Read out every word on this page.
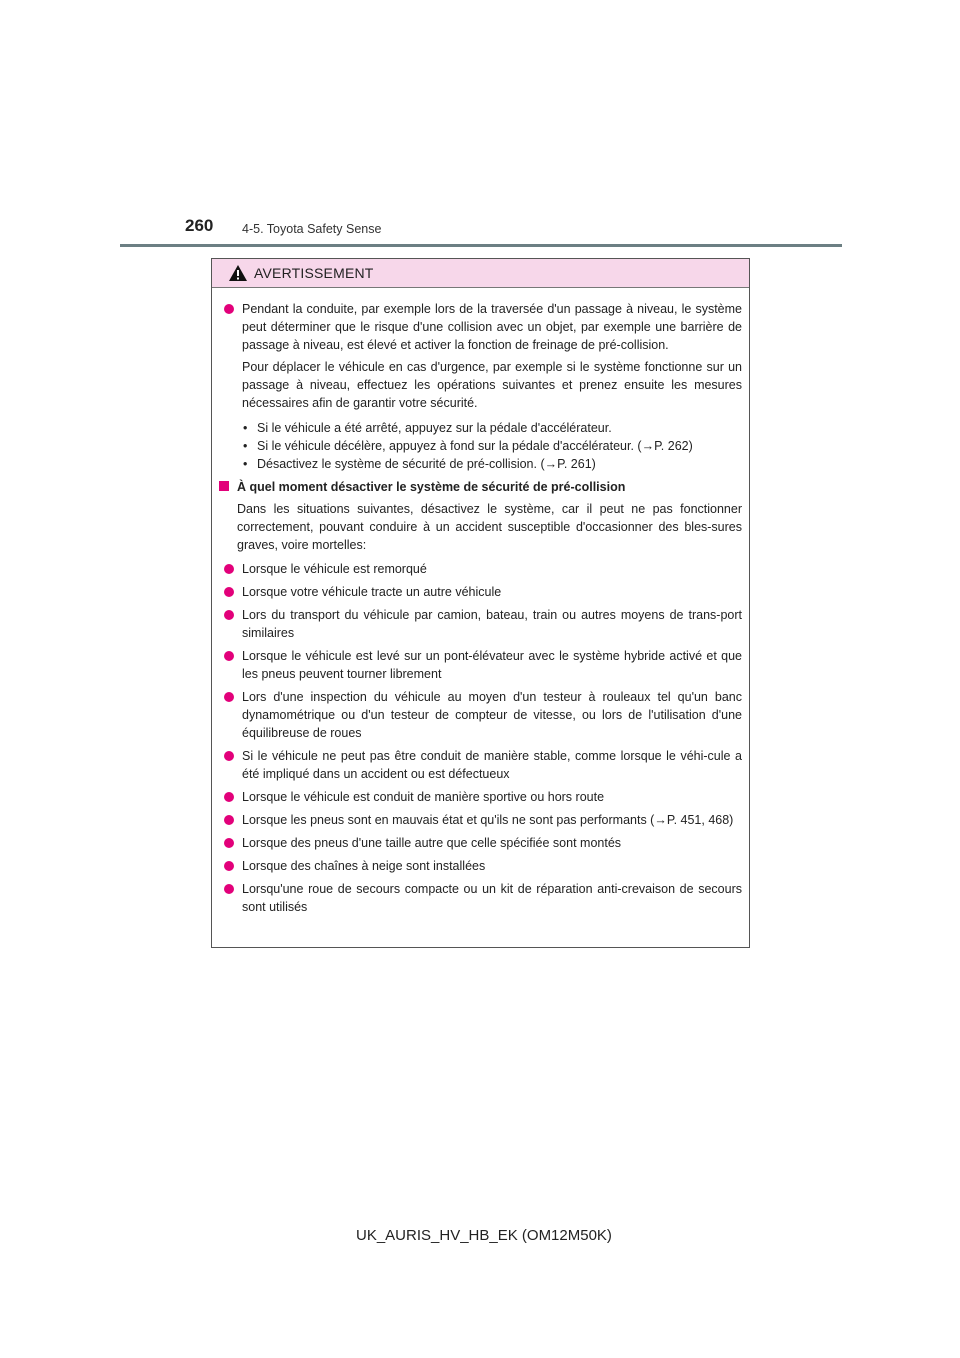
260 4-5. Toyota Safety Sense
AVERTISSEMENT

Pendant la conduite, par exemple lors de la traversée d'un passage à niveau, le système peut déterminer que le risque d'une collision avec un objet, par exemple une barrière de passage à niveau, est élevé et activer la fonction de freinage de pré-collision.

Pour déplacer le véhicule en cas d'urgence, par exemple si le système fonctionne sur un passage à niveau, effectuez les opérations suivantes et prenez ensuite les mesures nécessaires afin de garantir votre sécurité.

• Si le véhicule a été arrêté, appuyez sur la pédale d'accélérateur.
• Si le véhicule décélère, appuyez à fond sur la pédale d'accélérateur. (→P. 262)
• Désactivez le système de sécurité de pré-collision. (→P. 261)
À quel moment désactiver le système de sécurité de pré-collision

Dans les situations suivantes, désactivez le système, car il peut ne pas fonctionner correctement, pouvant conduire à un accident susceptible d'occasionner des bles-sures graves, voire mortelles:

Lorsque le véhicule est remorqué
Lorsque votre véhicule tracte un autre véhicule
Lors du transport du véhicule par camion, bateau, train ou autres moyens de trans-port similaires
Lorsque le véhicule est levé sur un pont-élévateur avec le système hybride activé et que les pneus peuvent tourner librement
Lors d'une inspection du véhicule au moyen d'un testeur à rouleaux tel qu'un banc dynamométrique ou d'un testeur de compteur de vitesse, ou lors de l'utilisation d'une équilibreuse de roues
Si le véhicule ne peut pas être conduit de manière stable, comme lorsque le véhi-cule a été impliqué dans un accident ou est défectueux
Lorsque le véhicule est conduit de manière sportive ou hors route
Lorsque les pneus sont en mauvais état et qu'ils ne sont pas performants (→P. 451, 468)
Lorsque des pneus d'une taille autre que celle spécifiée sont montés
Lorsque des chaînes à neige sont installées
Lorsqu'une roue de secours compacte ou un kit de réparation anti-crevaison de secours sont utilisés
UK_AURIS_HV_HB_EK (OM12M50K)
